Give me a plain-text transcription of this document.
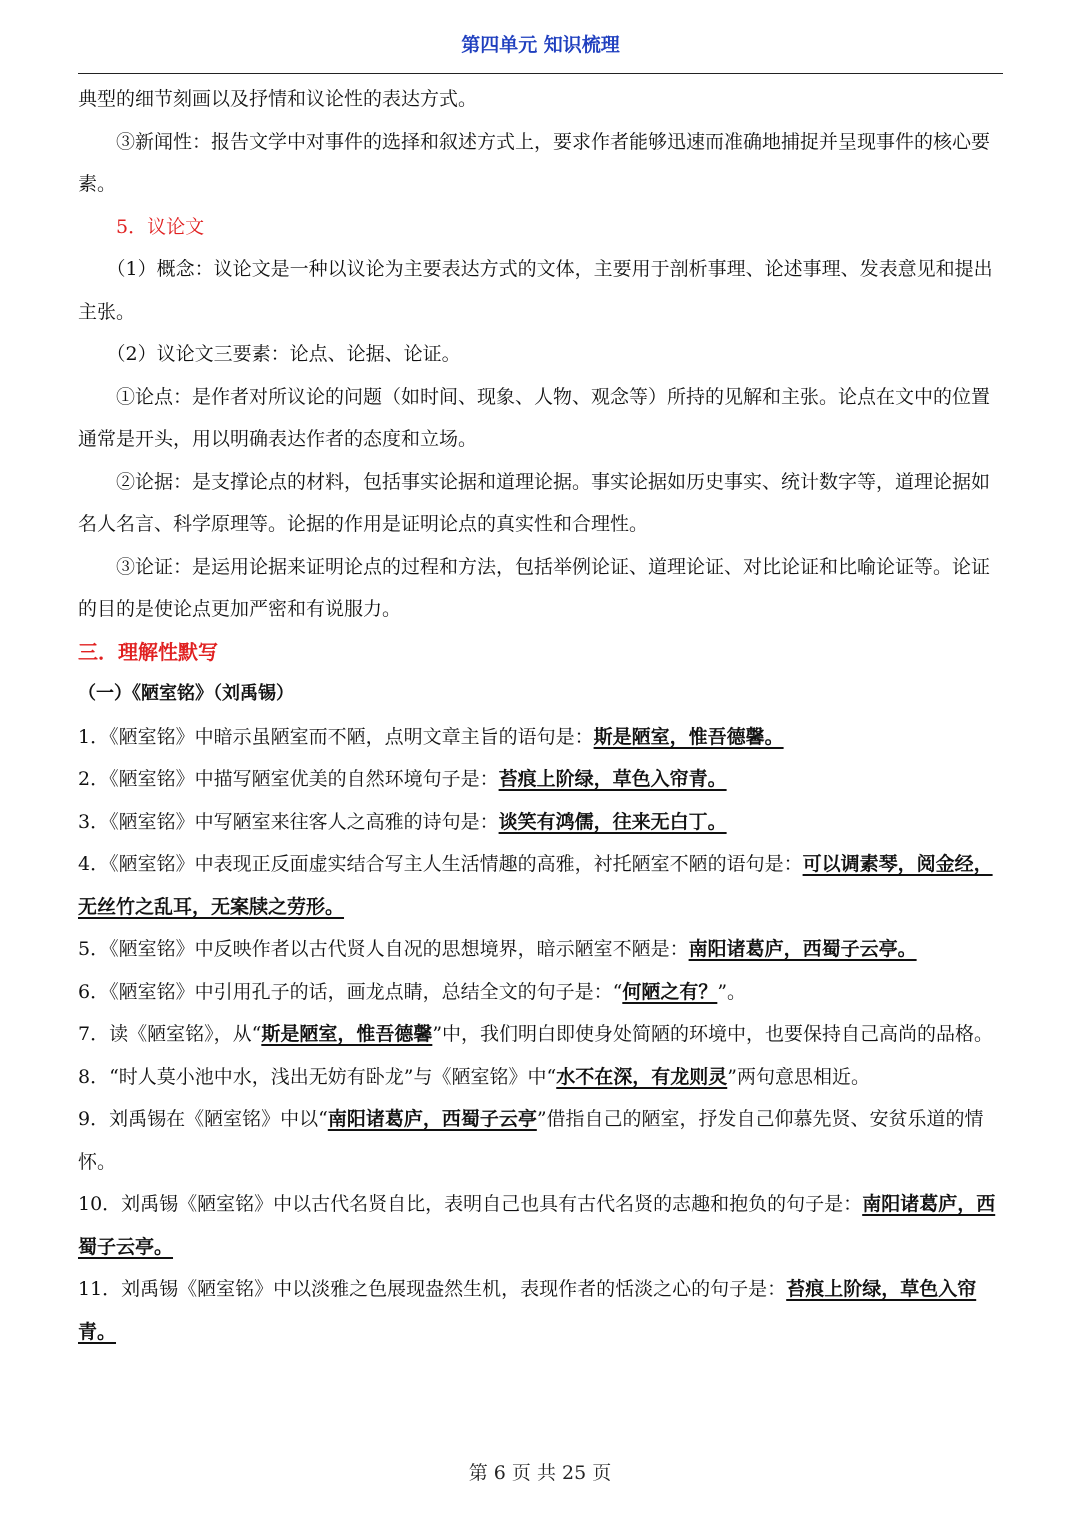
第四单元 知识梳理

典型的细节刻画以及抒情和议论性的表达方式。

③新闻性：报告文学中对事件的选择和叙述方式上，要求作者能够迅速而准确地捕捉并呈现事件的核心要素。

5．议论文

（1）概念：议论文是一种以议论为主要表达方式的文体，主要用于剖析事理、论述事理、发表意见和提出主张。

（2）议论文三要素：论点、论据、论证。

①论点：是作者对所议论的问题（如时间、现象、人物、观念等）所持的见解和主张。论点在文中的位置通常是开头，用以明确表达作者的态度和立场。

②论据：是支撑论点的材料，包括事实论据和道理论据。事实论据如历史事实、统计数字等，道理论据如名人名言、科学原理等。论据的作用是证明论点的真实性和合理性。

③论证：是运用论据来证明论点的过程和方法，包括举例论证、道理论证、对比论证和比喻论证等。论证的目的是使论点更加严密和有说服力。

三．理解性默写

（一）《陋室铭》（刘禹锡）

1．《陋室铭》中暗示虽陋室而不陋，点明文章主旨的语句是：斯是陋室，惟吾德馨。

2．《陋室铭》中描写陋室优美的自然环境句子是：苔痕上阶绿，草色入帘青。

3．《陋室铭》中写陋室来往客人之高雅的诗句是：谈笑有鸿儒，往来无白丁。

4．《陋室铭》中表现正反面虚实结合写主人生活情趣的高雅，衬托陋室不陋的语句是：可以调素琴，阅金经，无丝竹之乱耳，无案牍之劳形。

5．《陋室铭》中反映作者以古代贤人自况的思想境界，暗示陋室不陋是：南阳诸葛庐，西蜀子云亭。

6．《陋室铭》中引用孔子的话，画龙点睛，总结全文的句子是：“何陋之有？”。

7．读《陋室铭》，从“斯是陋室，惟吾德馨”中，我们明白即使身处简陋的环境中，也要保持自己高尚的品格。

8．“时人莫小池中水，浅出无妨有卧龙”与《陋室铭》中“水不在深，有龙则灵”两句意思相近。

9．刘禹锡在《陋室铭》中以“南阳诸葛庐，西蜀子云亭”借指自己的陋室，抒发自己仰慕先贤、安贫乐道的情怀。

10．刘禹锡《陋室铭》中以古代名贤自比，表明自己也具有古代名贤的志趣和抱负的句子是：南阳诸葛庐，西蜀子云亭。

11．刘禹锡《陋室铭》中以淡雅之色展现盎然生机，表现作者的恬淡之心的句子是：苔痕上阶绿，草色入帘青。

第 6 页 共 25 页
